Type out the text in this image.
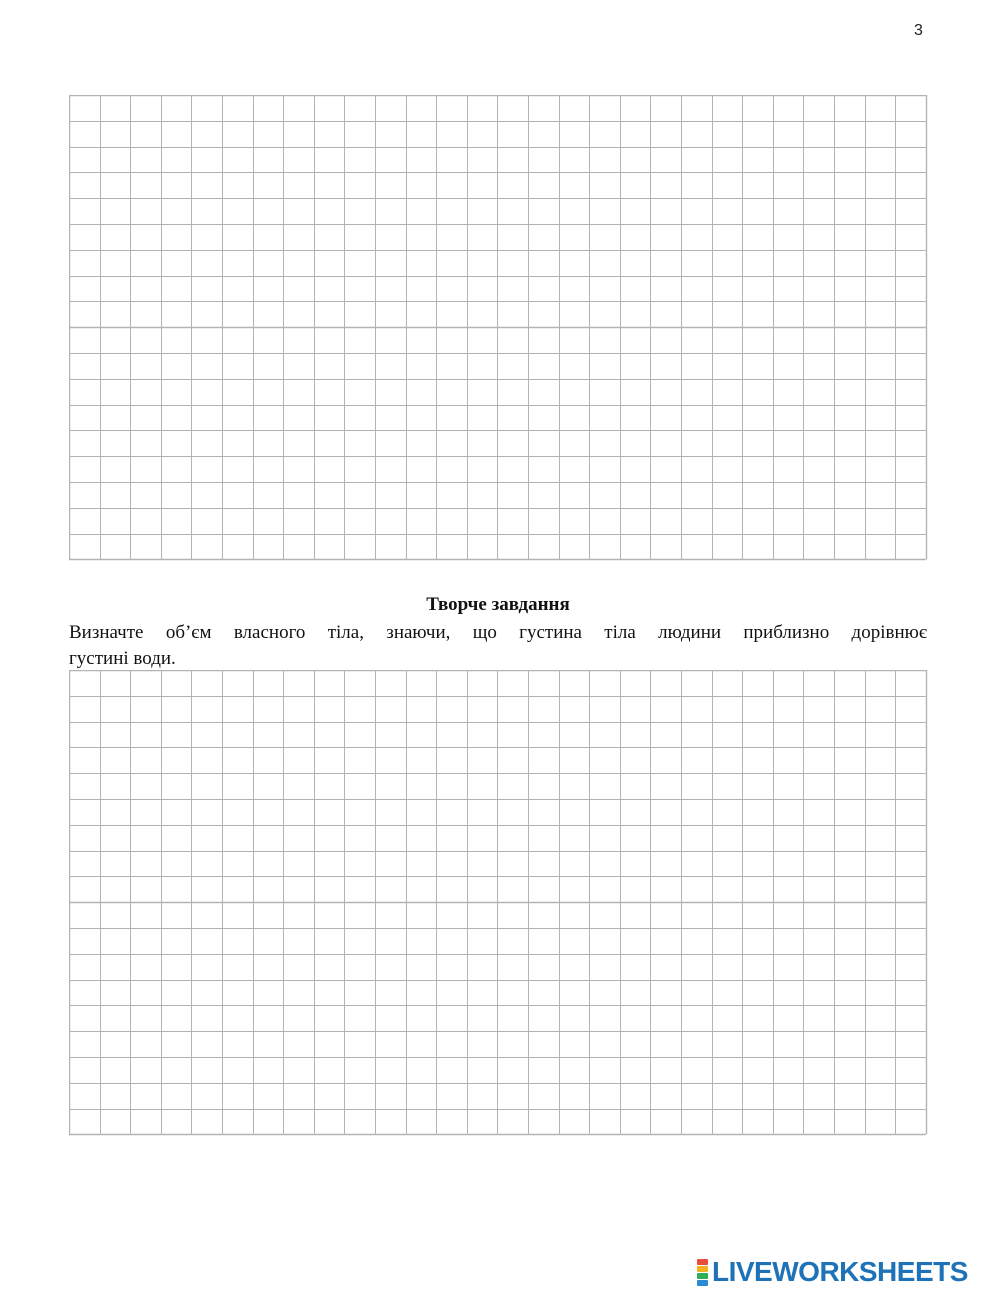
3
Творче завдання
Визначте об’єм власного тіла, знаючи, що густина тіла людини приблизно дорівнює
густині води.
LIVEWORKSHEETS
